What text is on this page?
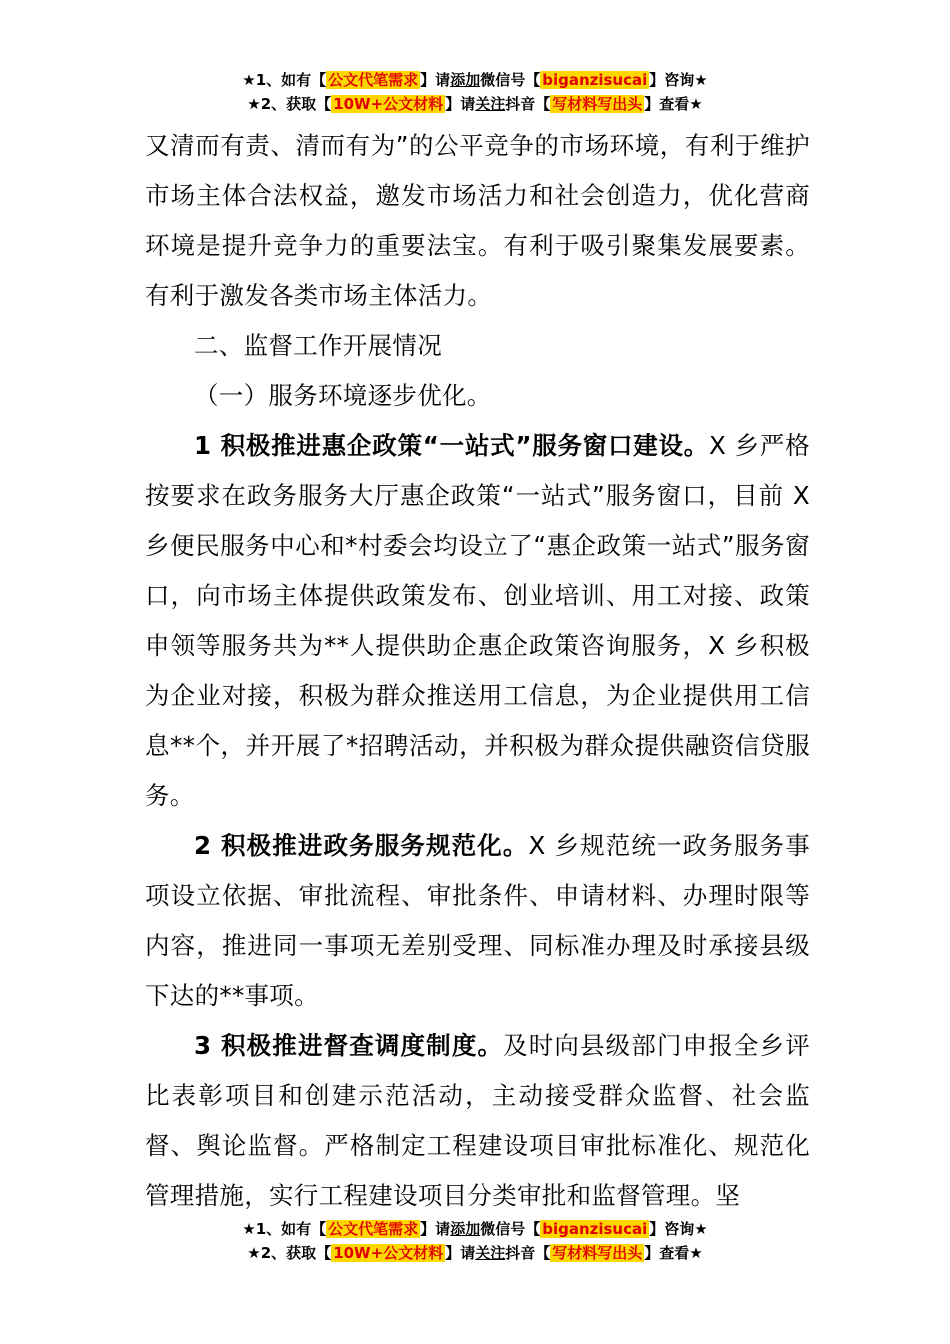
★1、如有【 公文代笔需求 】请添加微信号【 biganzisucai 】咨询★
★2、获取【 10W+公文材料 】请关注抖音【 写材料写出头 】查看★

又清而有责、清而有为”的公平竞争的市场环境，有利于维护市场主体合法权益，邀发市场活力和社会创造力，优化营商环境是提升竞争力的重要法宝。有利于吸引聚集发展要素。有利于激发各类市场主体活力。

二、监督工作开展情况

（一）服务环境逐步优化。

1 积极推进惠企政策“一站式”服务窗口建设。X 乡严格按要求在政务服务大厅惠企政策“一站式”服务窗口，目前 X 乡便民服务中心和*村委会均设立了“惠企政策一站式”服务窗口，向市场主体提供政策发布、创业培训、用工对接、政策申领等服务共为**人提供助企惠企政策咨询服务，X 乡积极为企业对接，积极为群众推送用工信息，为企业提供用工信息**个，并开展了*招聘活动，并积极为群众提供融资信贷服务。

2 积极推进政务服务规范化。X 乡规范统一政务服务事项设立依据、审批流程、审批条件、申请材料、办理时限等内容，推进同一事项无差别受理、同标准办理及时承接县级下达的**事项。

3 积极推进督查调度制度。及时向县级部门申报全乡评比表彰项目和创建示范活动，主动接受群众监督、社会监督、舆论监督。严格制定工程建设项目审批标准化、规范化管理措施，实行工程建设项目分类审批和监督管理。坚

★1、如有【 公文代笔需求 】请添加微信号【 biganzisucai 】咨询★
★2、获取【 10W+公文材料 】请关注抖音【 写材料写出头 】查看★
